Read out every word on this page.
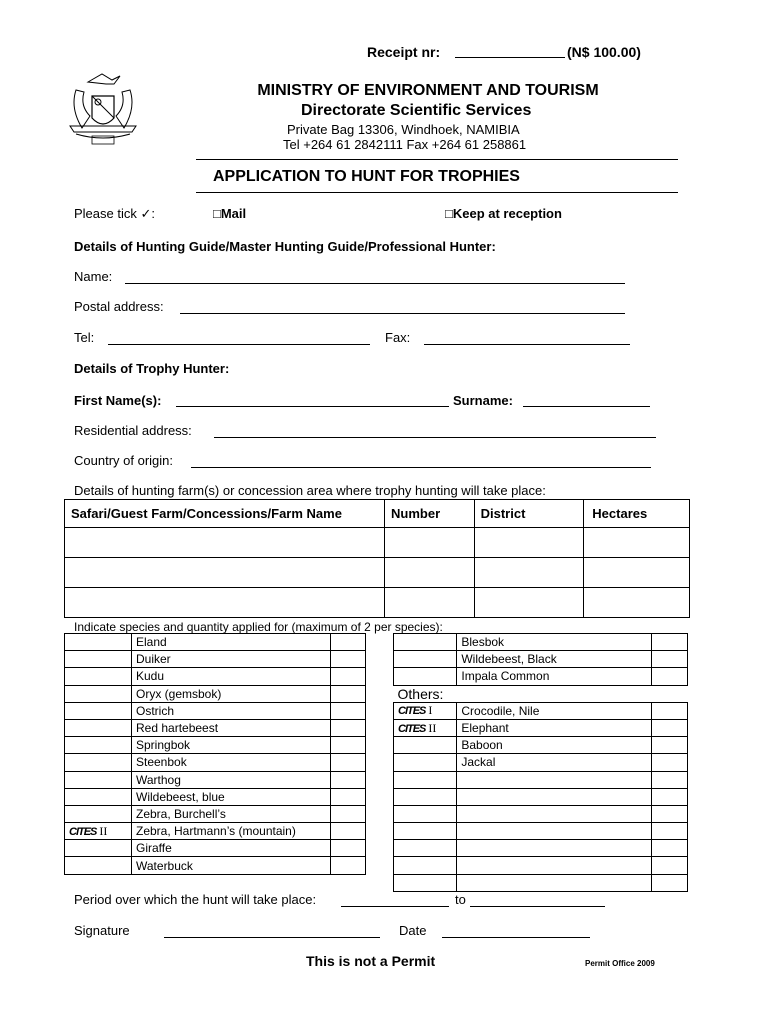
Receipt nr:	(N$ 100.00)
MINISTRY OF ENVIRONMENT AND TOURISM
Directorate Scientific Services
Private Bag 13306, Windhoek, NAMIBIA
Tel +264 61 2842111 Fax +264 61 258861
APPLICATION TO HUNT FOR TROPHIES
Please tick ✓:	□Mail	□Keep at reception
Details of Hunting Guide/Master Hunting Guide/Professional Hunter:
Name:
Postal address:
Tel:	Fax:
Details of Trophy Hunter:
First Name(s):	Surname:
Residential address:
Country of origin:
Details of hunting farm(s) or concession area where trophy hunting will take place:
Safari/Guest Farm/Concessions/Farm Name	Number	District	Hectares

Indicate species and quantity applied for (maximum of 2 per species):
	Eland	
	Duiker	
	Kudu	
	Oryx (gemsbok)	
	Ostrich	
	Red hartebeest	
	Springbok	
	Steenbok	
	Warthog	
	Wildebeest, blue	
	Zebra, Burchell’s	
CITES II	Zebra, Hartmann’s (mountain)	
	Giraffe	
	Waterbuck	
	Blesbok	
	Wildebeest, Black	
	Impala Common	
Others:		
CITES I	Crocodile, Nile	
CITES II	Elephant	
	Baboon	
	Jackal	

Period over which the hunt will take place:	to
Signature	Date
This is not a Permit	Permit Office 2009
